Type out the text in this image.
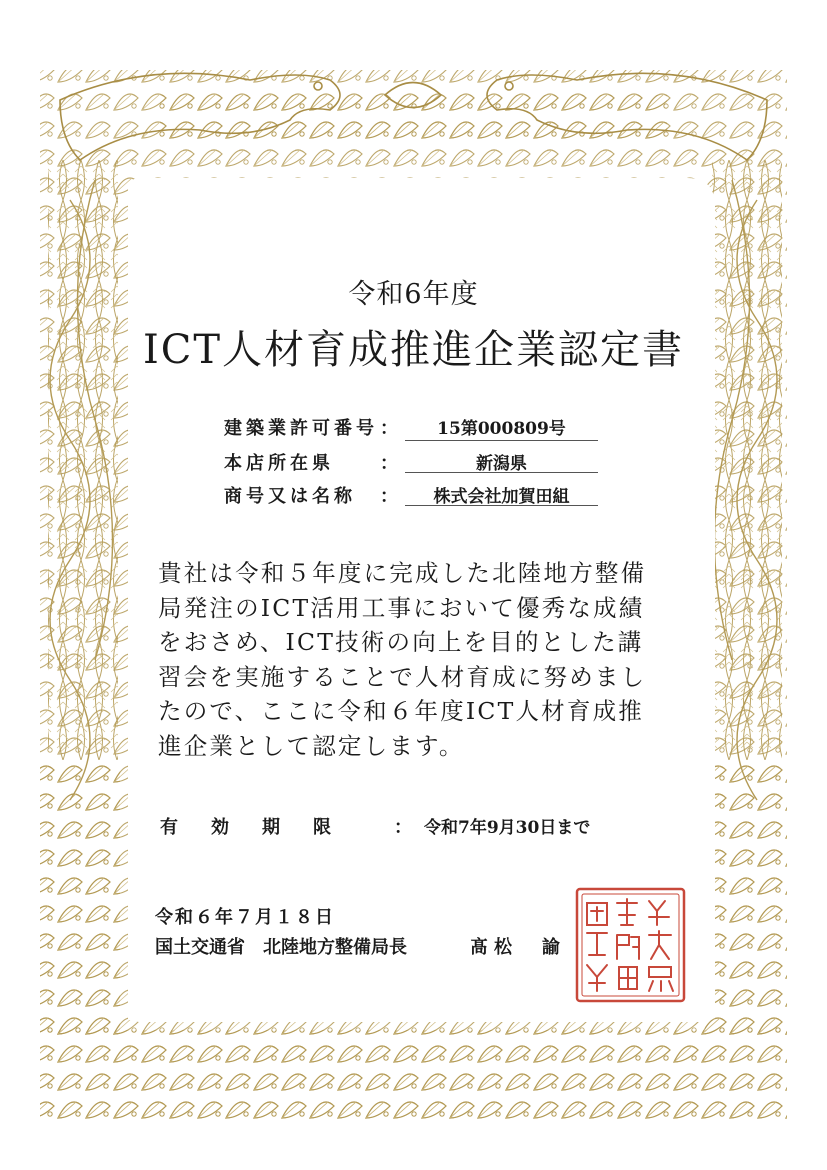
令和6年度
ICT人材育成推進企業認定書
建築業許可番号 ：	15第000809号
本店所在県	：	新潟県
商号又は名称 ：	株式会社加賀田組
貴社は令和５年度に完成した北陸地方整備
局発注のICT活用工事において優秀な成績
をおさめ、ICT技術の向上を目的とした講
習会を実施することで人材育成に努めまし
たので、ここに令和６年度ICT人材育成推
進企業として認定します。
有効期限 ： 令和7年9月30日まで
令和６年７月１８日
国土交通省　北陸地方整備局長	髙松　諭
